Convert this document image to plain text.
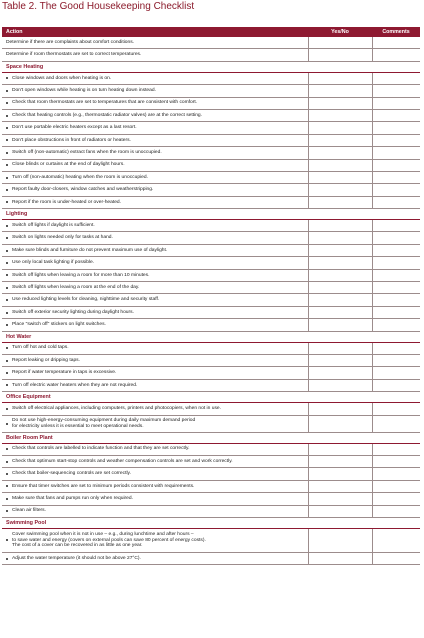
Table 2. The Good Housekeeping Checklist
Action	Yes/No	Comments
Determine if there are complaints about comfort conditions.
Determine if room thermostats are set to correct temperatures.
Space Heating
Close windows and doors when heating is on.
Don't open windows while heating is on turn heating down instead.
Check that room thermostats are set to temperatures that are consistent with comfort.
Check that heating controls (e.g., thermostatic radiator valves) are at the correct setting.
Don't use portable electric heaters except as a last resort.
Don't place obstructions in front of radiators or heaters.
Switch off (non-automatic) extract fans when the room is unoccupied.
Close blinds or curtains at the end of daylight hours.
Turn off (non-automatic) heating when the room is unoccupied.
Report faulty door-closers, window catches and weatherstripping.
Report if the room is under-heated or over-heated.
Lighting
Switch off lights if daylight is sufficient.
Switch on lights needed only for tasks at hand.
Make sure blinds and furniture do not prevent maximum use of daylight.
Use only local task lighting if possible.
Switch off lights when leaving a room for more than 10 minutes.
Switch off lights when leaving a room at the end of the day.
Use reduced lighting levels for cleaning, nighttime and security staff.
Switch off exterior security lighting during daylight hours.
Place "switch off" stickers on light switches.
Hot Water
Turn off hot and cold taps.
Report leaking or dripping taps.
Report if water temperature in taps is excessive.
Turn off electric water heaters when they are not required.
Office Equipment
Switch off electrical appliances, including computers, printers and photocopiers, when not in use.
Do not use high-energy-consuming equipment during daily maximum demand period
for electricity unless it is essential to meet operational needs.
Boiler Room Plant
Check that controls are labelled to indicate function and that they are set correctly.
Check that optimum start-stop controls and weather compensation controls are set and work correctly.
Check that boiler-sequencing controls are set correctly.
Ensure that timer switches are set to minimum periods consistent with requirements.
Make sure that fans and pumps run only when required.
Clean air filters.
Swimming Pool
Cover swimming pool when it is not in use – e.g., during lunchtime and after hours –
to save water and energy (covers on external pools can save 80 percent of energy costs).
The cost of a cover can be recovered in as little as one year.
Adjust the water temperature (it should not be above 27°C).
